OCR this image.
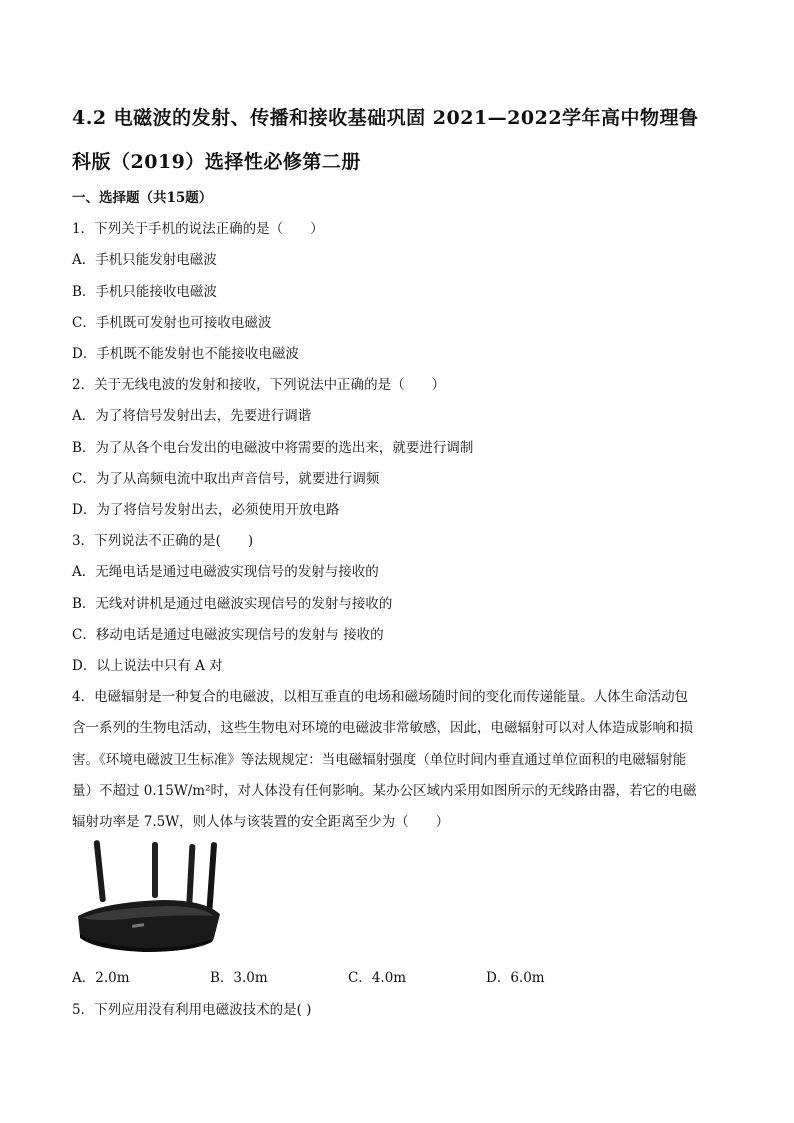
4.2 电磁波的发射、传播和接收基础巩固 2021—2022学年高中物理鲁
科版（2019）选择性必修第二册
一、选择题（共15题）
1．下列关于手机的说法正确的是（　　）
A．手机只能发射电磁波
B．手机只能接收电磁波
C．手机既可发射也可接收电磁波
D．手机既不能发射也不能接收电磁波
2．关于无线电波的发射和接收，下列说法中正确的是（　　）
A．为了将信号发射出去，先要进行调谐
B．为了从各个电台发出的电磁波中将需要的选出来，就要进行调制
C．为了从高频电流中取出声音信号，就要进行调频
D．为了将信号发射出去，必须使用开放电路
3．下列说法不正确的是(　　)
A．无绳电话是通过电磁波实现信号的发射与接收的
B．无线对讲机是通过电磁波实现信号的发射与接收的
C．移动电话是通过电磁波实现信号的发射与 接收的
D．以上说法中只有 A 对
4．电磁辐射是一种复合的电磁波，以相互垂直的电场和磁场随时间的变化而传递能量。人体生命活动包
含一系列的生物电活动，这些生物电对环境的电磁波非常敏感，因此，电磁辐射可以对人体造成影响和损
害。《环境电磁波卫生标准》等法规规定：当电磁辐射强度（单位时间内垂直通过单位面积的电磁辐射能
量）不超过 0.15W/m²时，对人体没有任何影响。某办公区域内采用如图所示的无线路由器，若它的电磁
辐射功率是 7.5W，则人体与该装置的安全距离至少为（　　）
A．2.0m	B．3.0m	C．4.0m	D．6.0m
5．下列应用没有利用电磁波技术的是( )
